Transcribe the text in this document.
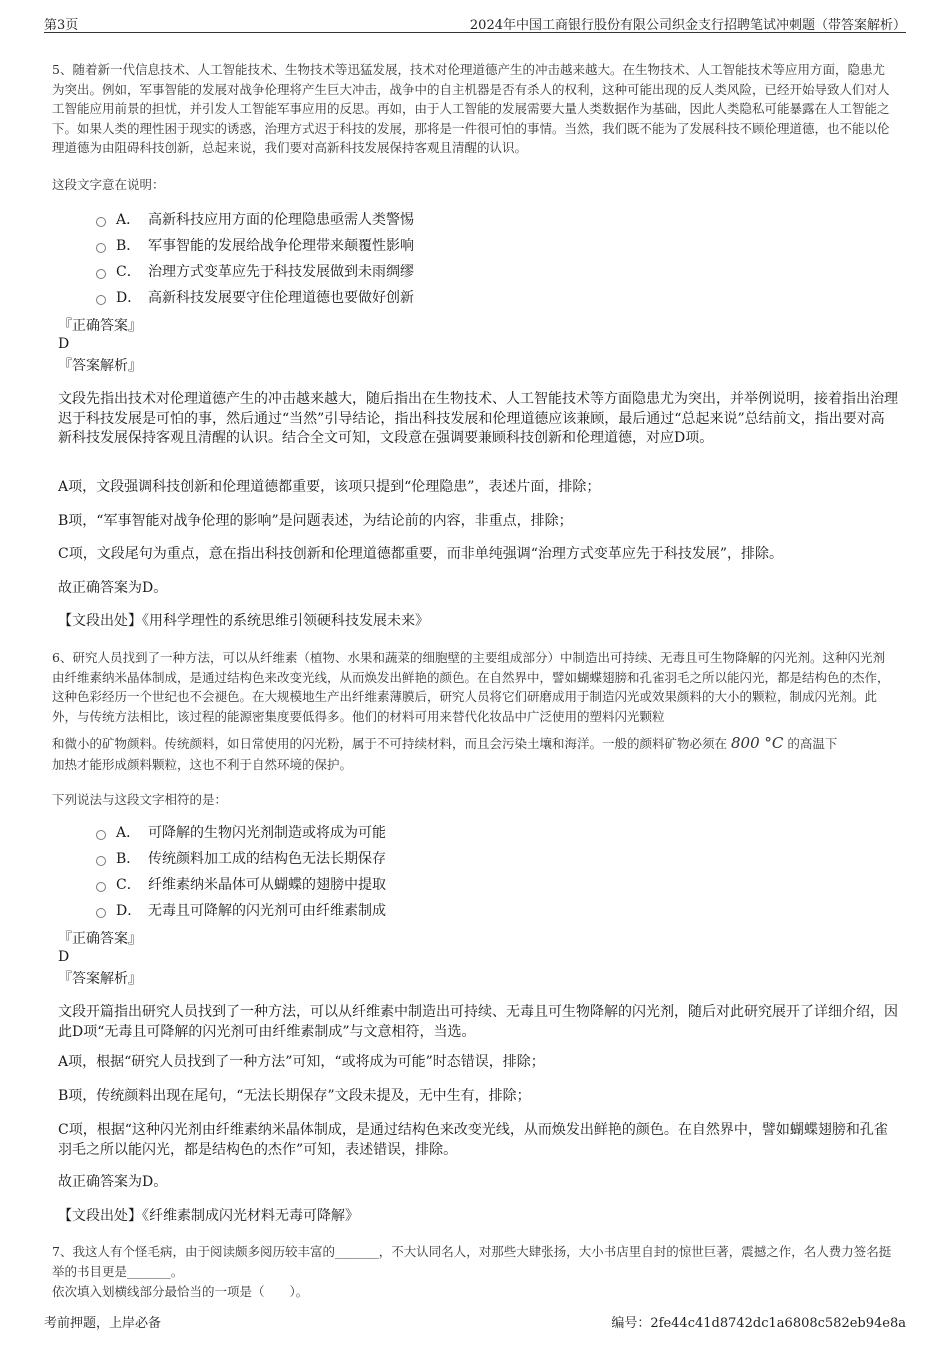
第3页	2024年中国工商银行股份有限公司织金支行招聘笔试冲刺题（带答案解析）
5、随着新一代信息技术、人工智能技术、生物技术等迅猛发展，技术对伦理道德产生的冲击越来越大。在生物技术、人工智能技术等应用方面，隐患尤为突出。例如，军事智能的发展对战争伦理将产生巨大冲击，战争中的自主机器是否有杀人的权利，这种可能出现的反人类风险，已经开始导致人们对人工智能应用前景的担忧，并引发人工智能军事应用的反思。再如，由于人工智能的发展需要大量人类数据作为基础，因此人类隐私可能暴露在人工智能之下。如果人类的理性困于现实的诱惑，治理方式迟于科技的发展，那将是一件很可怕的事情。当然，我们既不能为了发展科技不顾伦理道德，也不能以伦理道德为由阻碍科技创新，总起来说，我们要对高新科技发展保持客观且清醒的认识。
这段文字意在说明：
A． 高新科技应用方面的伦理隐患亟需人类警惕
B． 军事智能的发展给战争伦理带来颠覆性影响
C． 治理方式变革应先于科技发展做到未雨绸缪
D． 高新科技发展要守住伦理道德也要做好创新
『正确答案』
D
『答案解析』
文段先指出技术对伦理道德产生的冲击越来越大，随后指出在生物技术、人工智能技术等方面隐患尤为突出，并举例说明，接着指出治理迟于科技发展是可怕的事，然后通过“当然”引导结论，指出科技发展和伦理道德应该兼顾，最后通过“总起来说”总结前文，指出要对高新科技发展保持客观且清醒的认识。结合全文可知，文段意在强调要兼顾科技创新和伦理道德，对应D项。
A项，文段强调科技创新和伦理道德都重要，该项只提到“伦理隐患”，表述片面，排除；
B项，“军事智能对战争伦理的影响”是问题表述，为结论前的内容，非重点，排除；
C项，文段尾句为重点，意在指出科技创新和伦理道德都重要，而非单纯强调“治理方式变革应先于科技发展”，排除。
故正确答案为D。
【文段出处】《用科学理性的系统思维引领硬科技发展未来》
6、研究人员找到了一种方法，可以从纤维素（植物、水果和蔬菜的细胞壁的主要组成部分）中制造出可持续、无毒且可生物降解的闪光剂。这种闪光剂由纤维素纳米晶体制成，是通过结构色来改变光线，从而焕发出鲜艳的颜色。在自然界中，譬如蝴蝶翅膀和孔雀羽毛之所以能闪光，都是结构色的杰作，这种色彩经历一个世纪也不会褪色。在大规模地生产出纤维素薄膜后，研究人员将它们研磨成用于制造闪光或效果颜料的大小的颗粒，制成闪光剂。此外，与传统方法相比，该过程的能源密集度要低得多。他们的材料可用来替代化妆品中广泛使用的塑料闪光颗粒
和微小的矿物颜料。传统颜料，如日常使用的闪光粉，属于不可持续材料，而且会污染土壤和海洋。一般的颜料矿物必须在 800 °C 的高温下
加热才能形成颜料颗粒，这也不利于自然环境的保护。
下列说法与这段文字相符的是：
A． 可降解的生物闪光剂制造或将成为可能
B． 传统颜料加工成的结构色无法长期保存
C． 纤维素纳米晶体可从蝴蝶的翅膀中提取
D． 无毒且可降解的闪光剂可由纤维素制成
『正确答案』
D
『答案解析』
文段开篇指出研究人员找到了一种方法，可以从纤维素中制造出可持续、无毒且可生物降解的闪光剂，随后对此研究展开了详细介绍，因此D项“无毒且可降解的闪光剂可由纤维素制成”与文意相符，当选。
A项，根据“研究人员找到了一种方法”可知，“或将成为可能”时态错误，排除；
B项，传统颜料出现在尾句，“无法长期保存”文段未提及，无中生有，排除；
C项，根据“这种闪光剂由纤维素纳米晶体制成，是通过结构色来改变光线，从而焕发出鲜艳的颜色。在自然界中，譬如蝴蝶翅膀和孔雀羽毛之所以能闪光，都是结构色的杰作”可知，表述错误，排除。
故正确答案为D。
【文段出处】《纤维素制成闪光材料无毒可降解》
7、我这人有个怪毛病，由于阅读颇多阅历较丰富的_______，不大认同名人，对那些大肆张扬，大小书店里自封的惊世巨著，震撼之作，名人费力签名挺举的书目更是_______。
依次填入划横线部分最恰当的一项是（　　）。
考前押题，上岸必备	编号：2fe44c41d8742dc1a6808c582eb94e8a
